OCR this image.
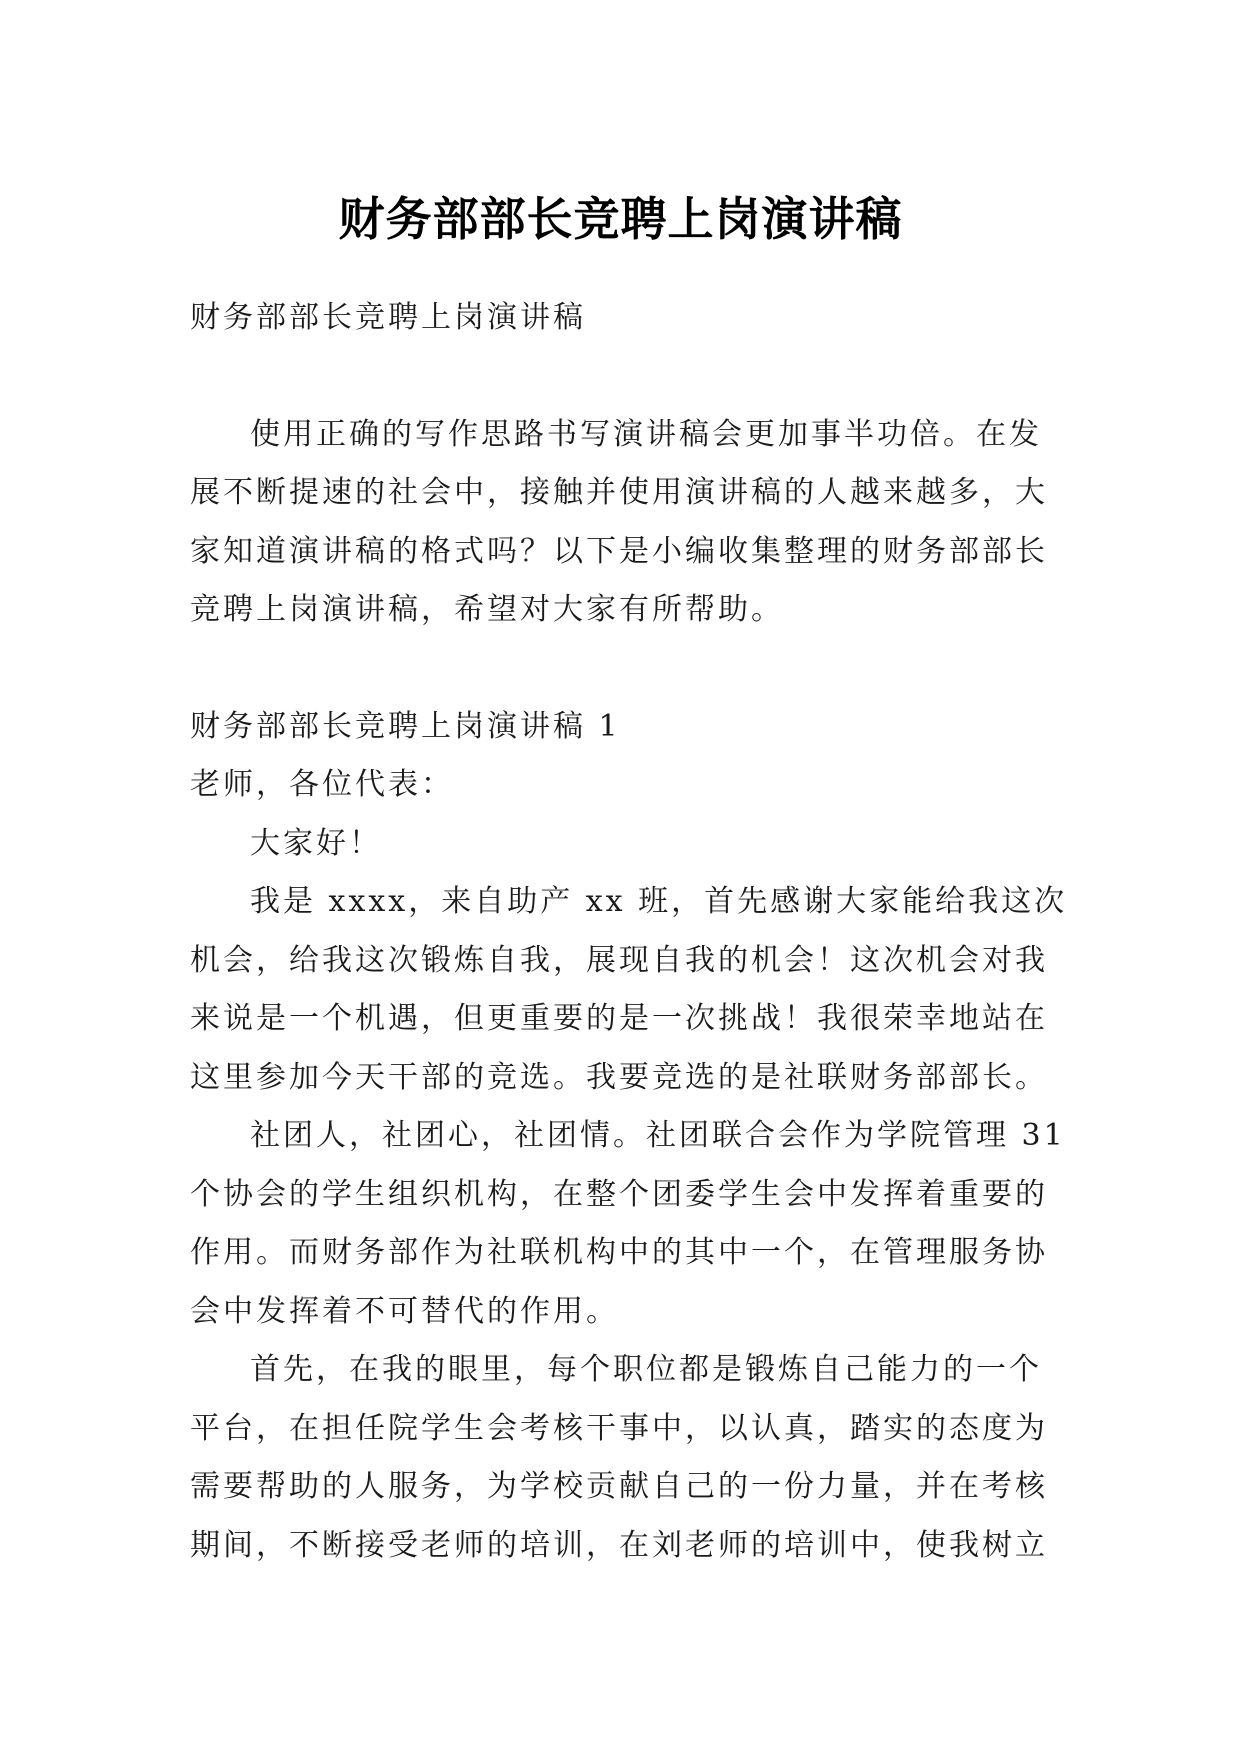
财务部部长竞聘上岗演讲稿

财务部部长竞聘上岗演讲稿

使用正确的写作思路书写演讲稿会更加事半功倍。在发展不断提速的社会中，接触并使用演讲稿的人越来越多，大家知道演讲稿的格式吗？以下是小编收集整理的财务部部长竞聘上岗演讲稿，希望对大家有所帮助。

财务部部长竞聘上岗演讲稿 1

老师，各位代表：

大家好！

我是 xxxx，来自助产 xx 班，首先感谢大家能给我这次机会，给我这次锻炼自我，展现自我的机会！这次机会对我来说是一个机遇，但更重要的是一次挑战！我很荣幸地站在这里参加今天干部的竞选。我要竞选的是社联财务部部长。

社团人，社团心，社团情。社团联合会作为学院管理 31 个协会的学生组织机构，在整个团委学生会中发挥着重要的作用。而财务部作为社联机构中的其中一个，在管理服务协会中发挥着不可替代的作用。

首先，在我的眼里，每个职位都是锻炼自己能力的一个平台，在担任院学生会考核干事中，以认真，踏实的态度为需要帮助的人服务，为学校贡献自己的一份力量，并在考核期间，不断接受老师的培训，在刘老师的培训中，使我树立
